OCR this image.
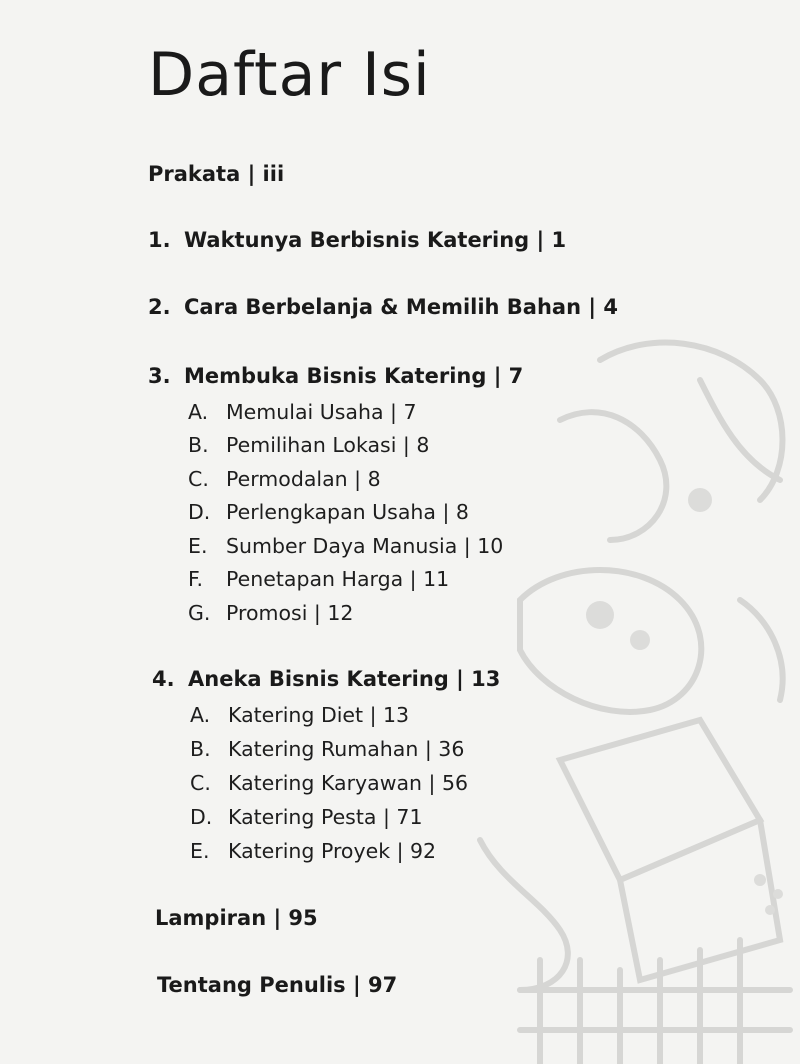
Daftar Isi
Prakata | iii
1. Waktunya Berbisnis Katering | 1
2. Cara Berbelanja & Memilih Bahan | 4
3. Membuka Bisnis Katering | 7
A. Memulai Usaha | 7
B. Pemilihan Lokasi | 8
C. Permodalan | 8
D. Perlengkapan Usaha | 8
E. Sumber Daya Manusia | 10
F. Penetapan Harga | 11
G. Promosi | 12
4. Aneka Bisnis Katering | 13
A. Katering Diet | 13
B. Katering Rumahan | 36
C. Katering Karyawan | 56
D. Katering Pesta | 71
E. Katering Proyek | 92
Lampiran | 95
Tentang Penulis | 97
